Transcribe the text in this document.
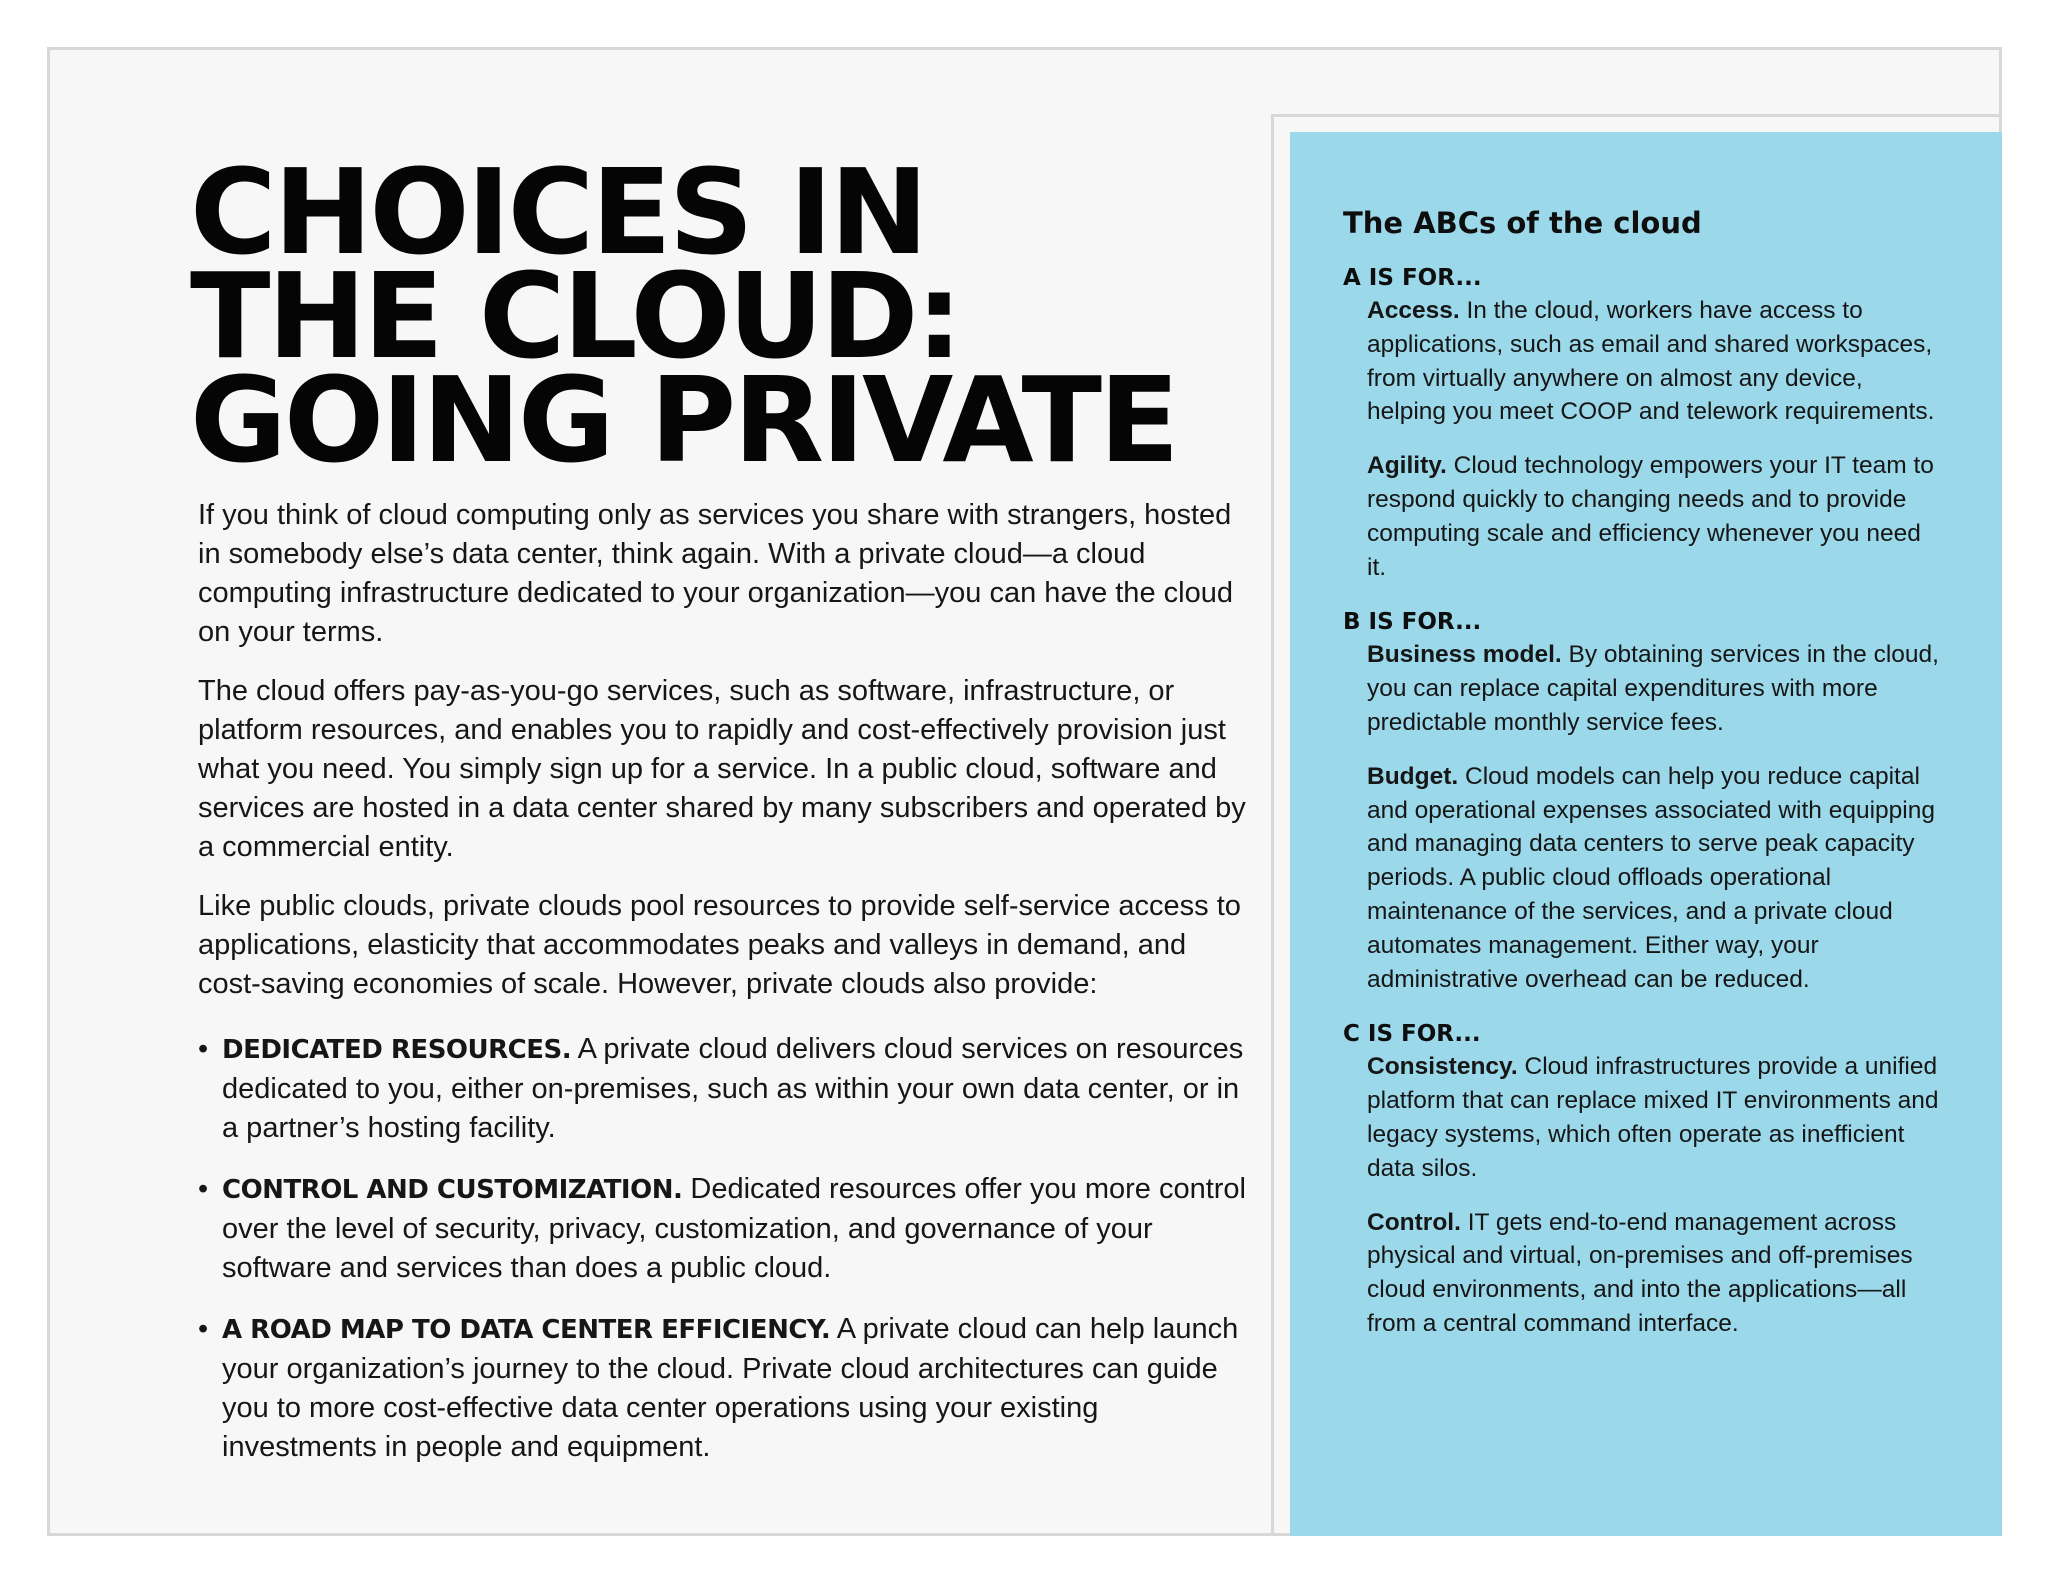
CHOICES IN
THE CLOUD:
GOING PRIVATE

If you think of cloud computing only as services you share with strangers, hosted in somebody else’s data center, think again. With a private cloud—a cloud computing infrastructure dedicated to your organization—you can have the cloud on your terms.

The cloud offers pay-as-you-go services, such as software, infrastructure, or platform resources, and enables you to rapidly and cost-effectively provision just what you need. You simply sign up for a service. In a public cloud, software and services are hosted in a data center shared by many subscribers and operated by a commercial entity.

Like public clouds, private clouds pool resources to provide self-service access to applications, elasticity that accommodates peaks and valleys in demand, and cost-saving economies of scale. However, private clouds also provide:

• DEDICATED RESOURCES. A private cloud delivers cloud services on resources dedicated to you, either on-premises, such as within your own data center, or in a partner’s hosting facility.
• CONTROL AND CUSTOMIZATION. Dedicated resources offer you more control over the level of security, privacy, customization, and governance of your software and services than does a public cloud.
• A ROAD MAP TO DATA CENTER EFFICIENCY. A private cloud can help launch your organization’s journey to the cloud. Private cloud architectures can guide you to more cost-effective data center operations using your existing investments in people and equipment.
The ABCs of the cloud
A IS FOR...

Access. In the cloud, workers have access to applications, such as email and shared workspaces, from virtually anywhere on almost any device, helping you meet COOP and telework requirements.

Agility. Cloud technology empowers your IT team to respond quickly to changing needs and to provide computing scale and efficiency whenever you need it.

B IS FOR...

Business model. By obtaining services in the cloud, you can replace capital expenditures with more predictable monthly service fees.

Budget. Cloud models can help you reduce capital and operational expenses associated with equipping and managing data centers to serve peak capacity periods. A public cloud offloads operational maintenance of the services, and a private cloud automates management. Either way, your administrative overhead can be reduced.

C IS FOR...

Consistency. Cloud infrastructures provide a unified platform that can replace mixed IT environments and legacy systems, which often operate as inefficient data silos.

Control. IT gets end-to-end management across physical and virtual, on-premises and off-premises cloud environments, and into the applications—all from a central command interface.
